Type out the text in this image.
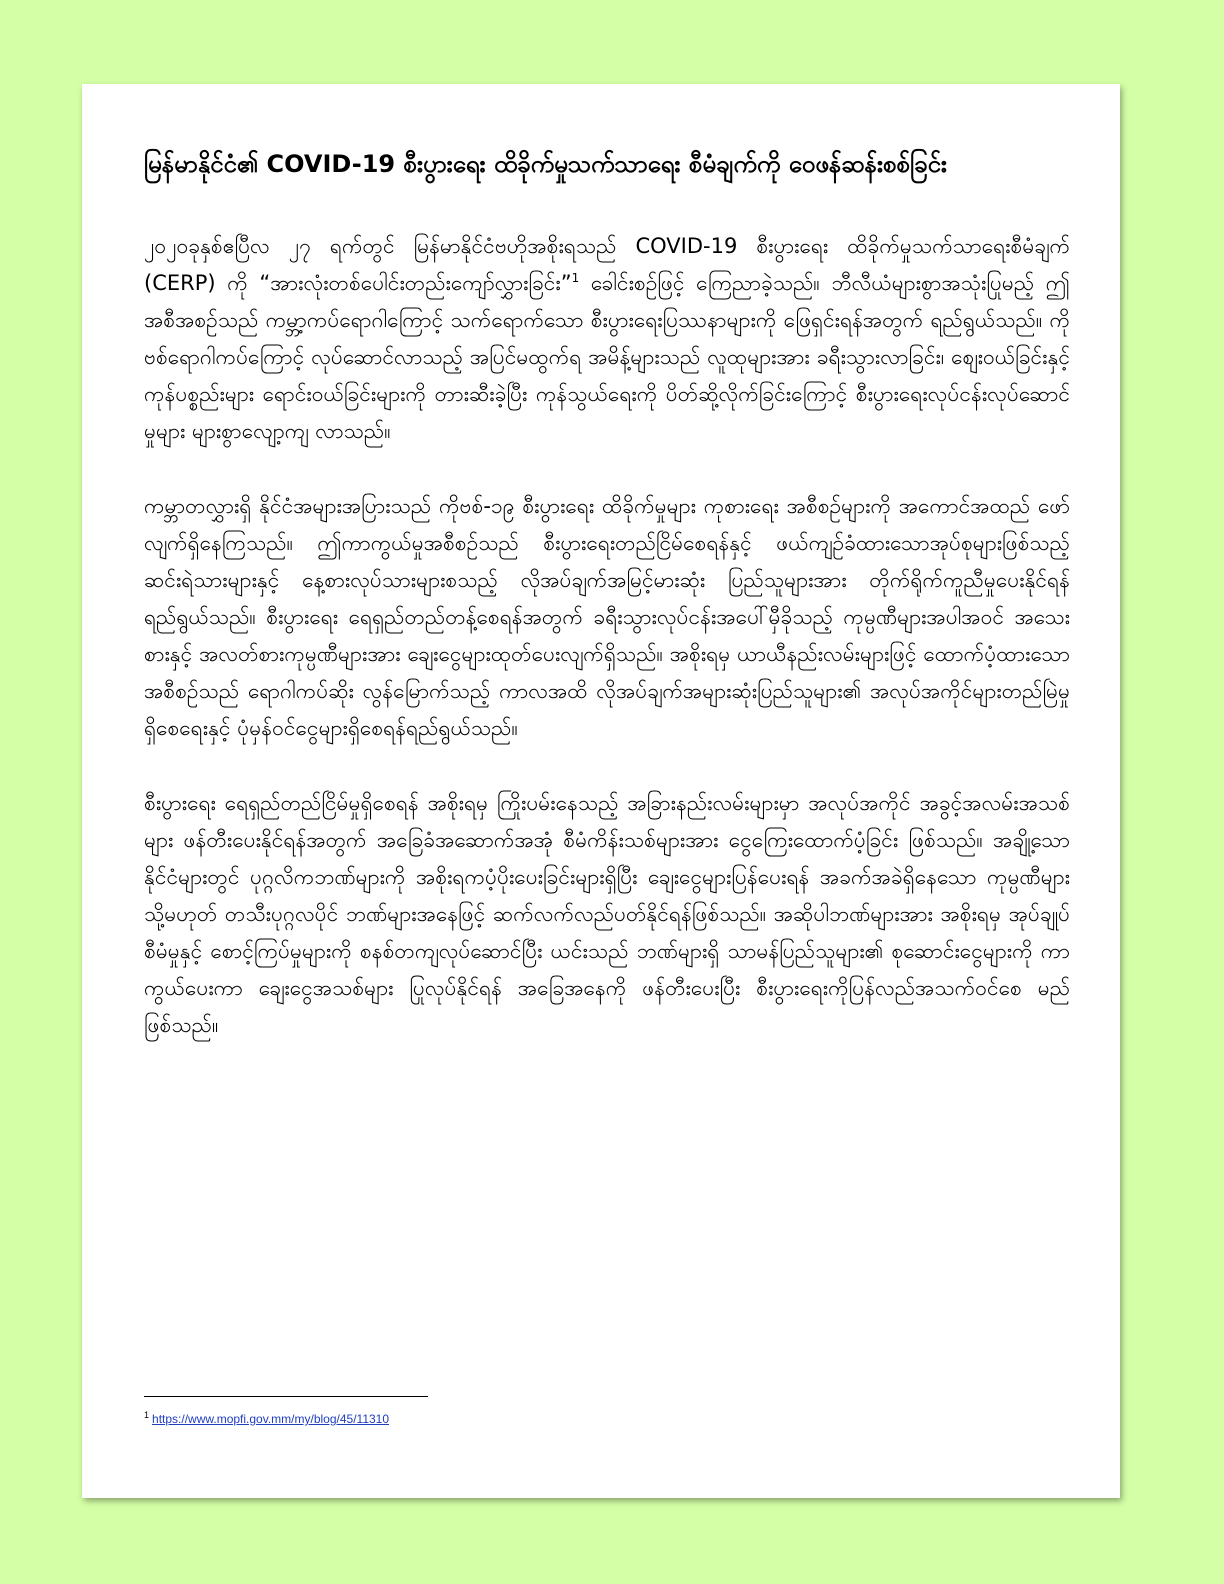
မြန်မာနိုင်ငံ၏ COVID-19 စီးပွားရေး ထိခိုက်မှုသက်သာရေး စီမံချက်ကို ဝေဖန်ဆန်းစစ်ခြင်း

၂၀၂၀ခုနှစ်ဧပြီလ ၂၇ ရက်တွင် မြန်မာနိုင်ငံဗဟိုအစိုးရသည် COVID-19 စီးပွားရေး ထိခိုက်မှုသက်သာရေးစီမံချက် (CERP) ကို “အားလုံးတစ်ပေါင်းတည်းကျော်လွှားခြင်း”$^1$ ခေါင်းစဉ်ဖြင့် ကြေညာခဲ့သည်။ ဘီလီယံများစွာအသုံးပြုမည့် ဤအစီအစဉ်သည် ကမ္ဘာ့ကပ်ရောဂါကြောင့် သက်ရောက်သော စီးပွားရေးပြဿနာများကို ဖြေရှင်းရန်အတွက် ရည်ရွယ်သည်။ ကိုဗစ်ရောဂါကပ်ကြောင့် လုပ်ဆောင်လာသည့် အပြင်မထွက်ရ အမိန့်များသည် လူထုများအား ခရီးသွားလာခြင်း၊ စျေးဝယ်ခြင်းနှင့် ကုန်ပစ္စည်းများ ရောင်းဝယ်ခြင်းများကို တားဆီးခဲ့ပြီး ကုန်သွယ်ရေးကို ပိတ်ဆို့လိုက်ခြင်းကြောင့် စီးပွားရေးလုပ်ငန်းလုပ်ဆောင်မှုများ များစွာလျော့ကျ လာသည်။

ကမ္ဘာတလွှားရှိ နိုင်ငံအများအပြားသည် ကိုဗစ်-၁၉ စီးပွားရေး ထိခိုက်မှုများ ကုစားရေး အစီစဉ်များကို အကောင်အထည် ဖော်လျက်ရှိနေကြသည်။ ဤကာကွယ်မှုအစီစဉ်သည် စီးပွားရေးတည်ငြိမ်စေရန်နှင့် ဖယ်ကျဉ်ခံထားသောအုပ်စုများဖြစ်သည့် ဆင်းရဲသားများနှင့် နေ့စားလုပ်သားများစသည့် လိုအပ်ချက်အမြင့်မားဆုံး ပြည်သူများအား တိုက်ရိုက်ကူညီမှုပေးနိုင်ရန် ရည်ရွယ်သည်။ စီးပွားရေး ရေရှည်တည်တန့်စေရန်အတွက် ခရီးသွားလုပ်ငန်းအပေါ်မှီခိုသည့် ကုမ္ပဏီများအပါအဝင် အသေးစားနှင့် အလတ်စားကုမ္ပဏီများအား ချေးငွေများထုတ်ပေးလျက်ရှိသည်။ အစိုးရမှ ယာယီနည်းလမ်းများဖြင့် ထောက်ပံ့ထားသော အစီစဉ်သည် ရောဂါကပ်ဆိုး လွန်မြောက်သည့် ကာလအထိ လိုအပ်ချက်အများဆုံးပြည်သူများ၏ အလုပ်အကိုင်များတည်မြဲမှုရှိစေရေးနှင့် ပုံမှန်ဝင်ငွေများရှိစေရန်ရည်ရွယ်သည်။

စီးပွားရေး ရေရှည်တည်ငြိမ်မှုရှိစေရန် အစိုးရမှ ကြိုးပမ်းနေသည့် အခြားနည်းလမ်းများမှာ အလုပ်အကိုင် အခွင့်အလမ်းအသစ်များ ဖန်တီးပေးနိုင်ရန်အတွက် အခြေခံအဆောက်အအုံ စီမံကိန်းသစ်များအား ငွေကြေးထောက်ပံ့ခြင်း ဖြစ်သည်။ အချို့သောနိုင်ငံများတွင် ပုဂ္ဂလိကဘဏ်များကို အစိုးရကပံ့ပိုးပေးခြင်းများရှိပြီး ချေးငွေများပြန်ပေးရန် အခက်အခဲရှိနေသော ကုမ္ပဏီများ သို့မဟုတ် တသီးပုဂ္ဂလပိုင် ဘဏ်များအနေဖြင့် ဆက်လက်လည်ပတ်နိုင်ရန်ဖြစ်သည်။ အဆိုပါဘဏ်များအား အစိုးရမှ အုပ်ချုပ်စီမံမှုနှင့် စောင့်ကြပ်မှုများကို စနစ်တကျလုပ်ဆောင်ပြီး ယင်းသည် ဘဏ်များရှိ သာမန်ပြည်သူများ၏ စုဆောင်းငွေများကို ကာကွယ်ပေးကာ ချေးငွေအသစ်များ ပြုလုပ်နိုင်ရန် အခြေအနေကို ဖန်တီးပေးပြီး စီးပွားရေးကိုပြန်လည်အသက်ဝင်စေ မည်ဖြစ်သည်။

$^1$ https://www.mopfi.gov.mm/my/blog/45/11310
